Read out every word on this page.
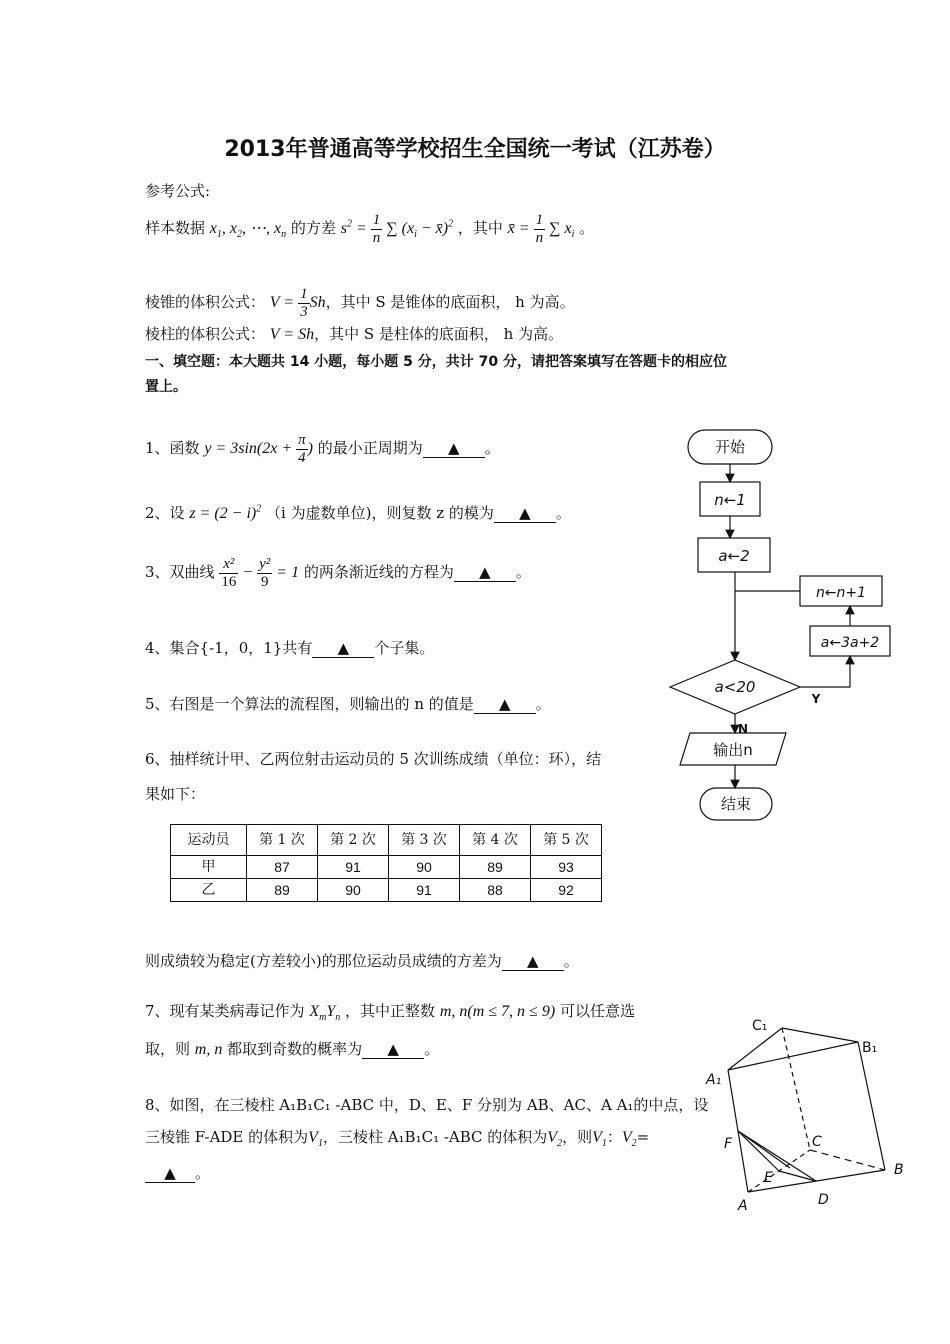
2013年普通高等学校招生全国统一考试（江苏卷）
参考公式:
样本数据 $x_1$, $x_2$, ⋯, $x_n$ 的方差 $s^2 = \frac{1}{n}$ ∑ ($x_i$ − x̄)$^2$ ，其中 x̄ = $\frac{1}{n}$ ∑ $x_i$ 。
棱锥的体积公式： $V = \frac{1}{3}$ Sh，其中 S 是锥体的底面积， h 为高。
棱柱的体积公式： V = Sh，其中 S 是柱体的底面积， h 为高。
一、填空题：本大题共 14 小题，每小题 5 分，共计 70 分，请把答案填写在答题卡的相应位
置上。
1、函数 $y = 3\sin(2x + \frac{\pi}{4}$ ) 的最小正周期为 ▲ 。
2、设 $z = (2 - i)^2$ （i 为虚数单位)，则复数 z 的模为 ▲ 。
3、双曲线 $\frac{\text{x²}}{16} - \frac{\text{y²}}{9} = 1$ 的两条渐近线的方程为 ▲ 。
4、集合{-1，0，1}共有 ▲ 个子集。
5、右图是一个算法的流程图，则输出的 n 的值是 ▲ 。
6、抽样统计甲、乙两位射击运动员的 5 次训练成绩（单位：环），结
果如下：
运动员	第 1 次	第 2 次	第 3 次	第 4 次	第 5 次
甲	87	91	90	89	93
乙	89	90	91	88	92
则成绩较为稳定(方差较小)的那位运动员成绩的方差为 ▲ 。
7、现有某类病毒记作为 $X_mY_n$ ，其中正整数 m, n(m ≤ 7, n ≤ 9) 可以任意选
取，则 m, n 都取到奇数的概率为 ▲ 。
8、如图，在三棱柱 A₁B₁C₁ -ABC 中，D、E、F 分别为 AB、AC、A A₁的中点，设
三棱锥 F-ADE 的体积为$V_1$，三棱柱 A₁B₁C₁ -ABC 的体积为$V_2$，则$V_1$：$V_2=$
▲ 。
开始
n←1
a←2
n←n+1
a←3a+2
a<20
Y
N
输出n
结束
C₁
B₁
A₁
F	C
E	B
A	D
